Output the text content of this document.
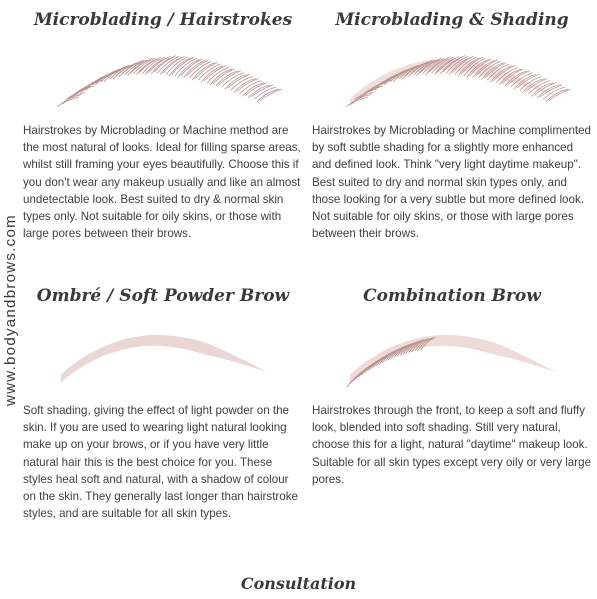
www.bodyandbrows.com
Microblading / Hairstrokes

Hairstrokes by Microblading or Machine method are the most natural of looks. Ideal for filling sparse areas, whilst still framing your eyes beautifully. Choose this if you don't wear any makeup usually and like an almost undetectable look. Best suited to dry & normal skin types only. Not suitable for oily skins, or those with large pores between their brows.

Microblading & Shading

Hairstrokes by Microblading or Machine complimented by soft subtle shading for a slightly more enhanced and defined look. Think "very light daytime makeup". Best suited to dry and normal skin types only, and those looking for a very subtle but more defined look. Not suitable for oily skins, or those with large pores between their brows.

Ombré / Soft Powder Brow

Soft shading, giving the effect of light powder on the skin. If you are used to wearing light natural looking make up on your brows, or if you have very little natural hair this is the best choice for you. These styles heal soft and natural, with a shadow of colour on the skin. They generally last longer than hairstroke styles, and are suitable for all skin types.

Combination Brow

Hairstrokes through the front, to keep a soft and fluffy look, blended into soft shading. Still very natural, choose this for a light, natural "daytime" makeup look. Suitable for all skin types except very oily or very large pores.

Consultation
